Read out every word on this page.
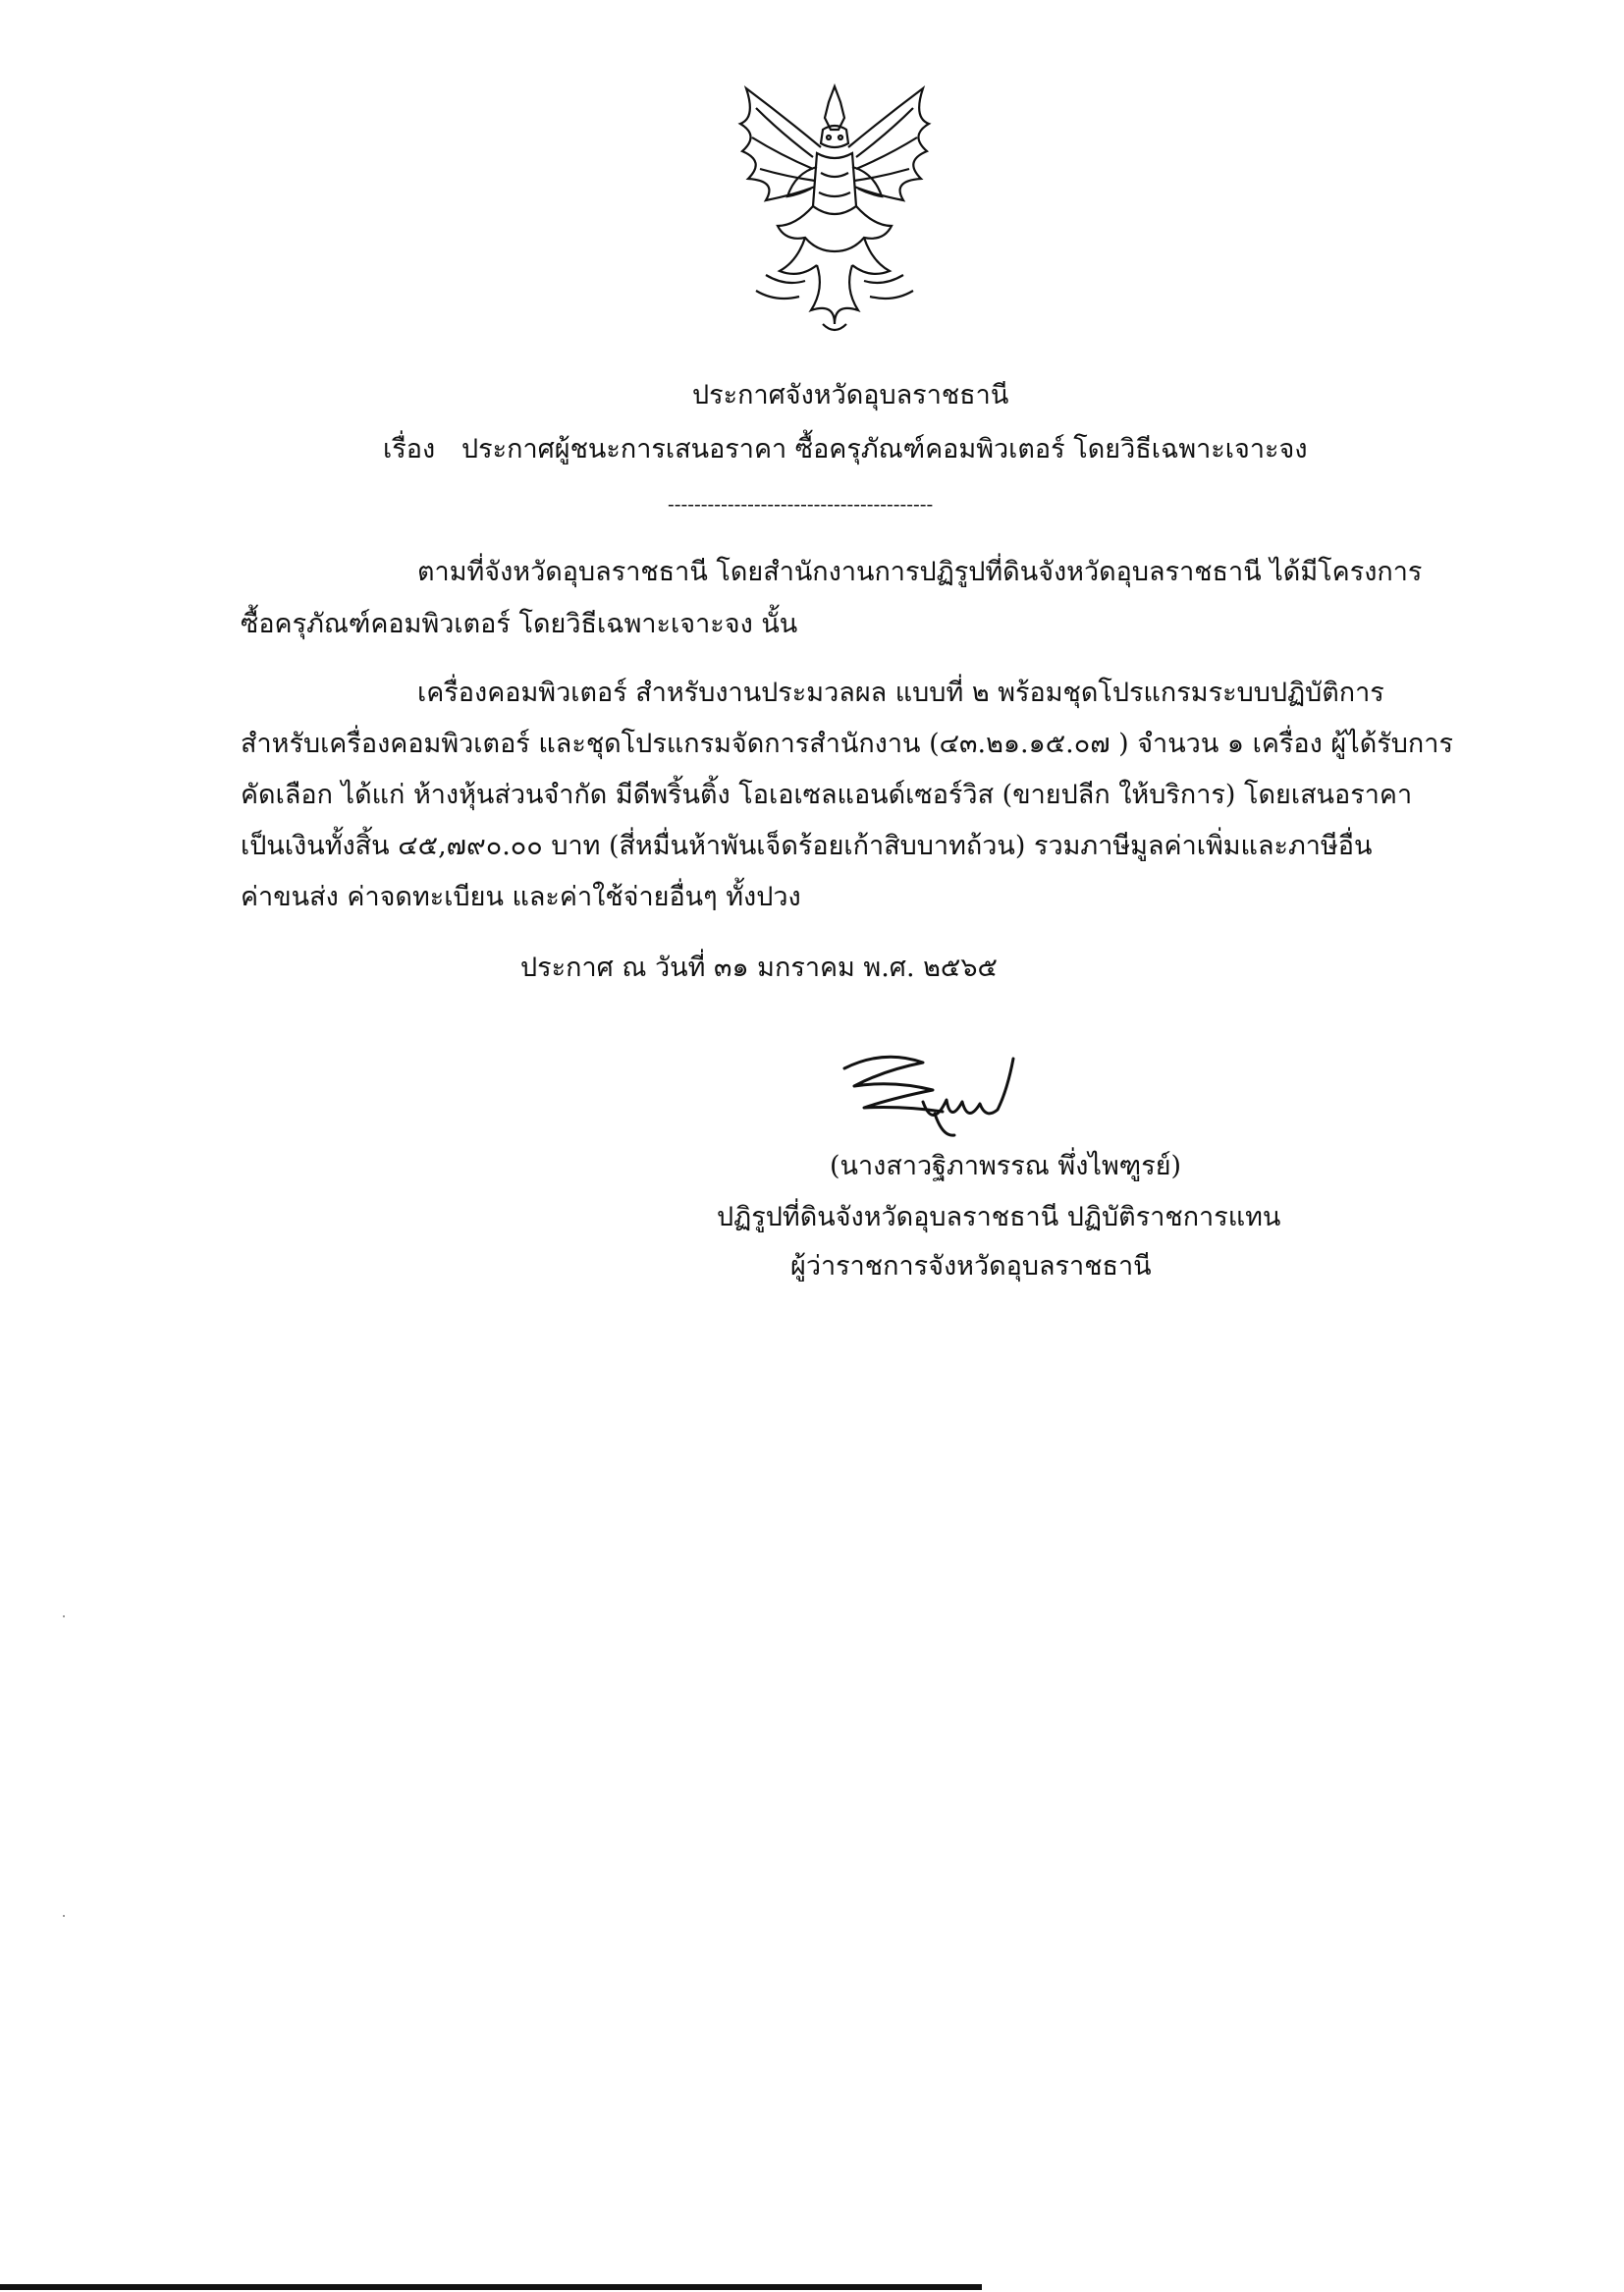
ประกาศจังหวัดอุบลราชธานี
เรื่อง ประกาศผู้ชนะการเสนอราคา ซื้อครุภัณฑ์คอมพิวเตอร์ โดยวิธีเฉพาะเจาะจง
----------------------------------------
ตามที่จังหวัดอุบลราชธานี โดยสำนักงานการปฏิรูปที่ดินจังหวัดอุบลราชธานี ได้มีโครงการ
ซื้อครุภัณฑ์คอมพิวเตอร์ โดยวิธีเฉพาะเจาะจง นั้น
เครื่องคอมพิวเตอร์ สำหรับงานประมวลผล แบบที่ ๒ พร้อมชุดโปรแกรมระบบปฏิบัติการ
สำหรับเครื่องคอมพิวเตอร์ และชุดโปรแกรมจัดการสำนักงาน (๔๓.๒๑.๑๕.๐๗ ) จำนวน ๑ เครื่อง ผู้ได้รับการ
คัดเลือก ได้แก่ ห้างหุ้นส่วนจำกัด มีดีพริ้นติ้ง โอเอเซลแอนด์เซอร์วิส (ขายปลีก ให้บริการ) โดยเสนอราคา
เป็นเงินทั้งสิ้น ๔๕,๗๙๐.๐๐ บาท (สี่หมื่นห้าพันเจ็ดร้อยเก้าสิบบาทถ้วน) รวมภาษีมูลค่าเพิ่มและภาษีอื่น
ค่าขนส่ง ค่าจดทะเบียน และค่าใช้จ่ายอื่นๆ ทั้งปวง
ประกาศ ณ วันที่ ๓๑ มกราคม พ.ศ. ๒๕๖๕
(นางสาวฐิภาพรรณ พึ่งไพฑูรย์)
ปฏิรูปที่ดินจังหวัดอุบลราชธานี ปฏิบัติราชการแทน
ผู้ว่าราชการจังหวัดอุบลราชธานี
